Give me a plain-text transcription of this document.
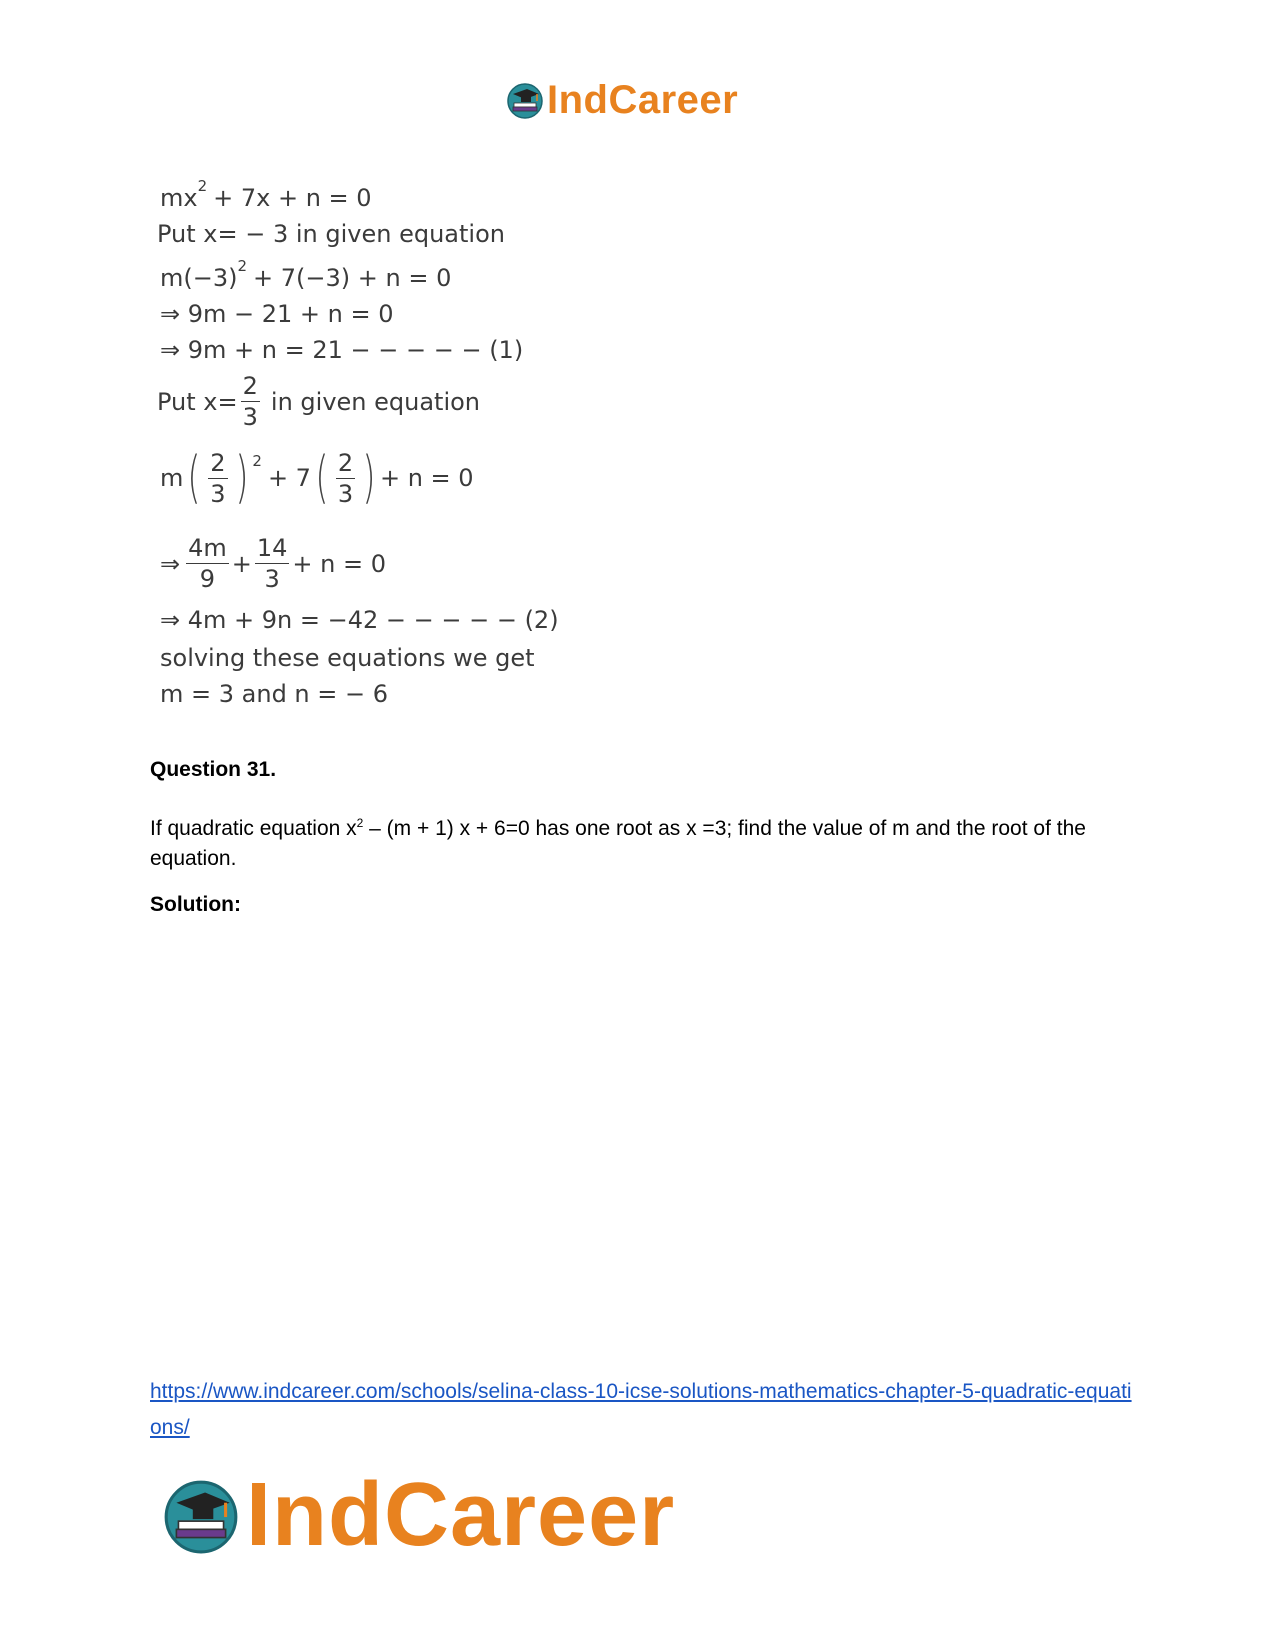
IndCareer
mx 2 + 7x + n = 0
Put x= − 3 in given equation
m(−3) 2 + 7(−3) + n = 0
⇒ 9m − 21 + n = 0
⇒ 9m + n = 21 − − − − − (1)
Put $x= \frac{2}{3}$ in given equation
m ( $\frac{2}{3}$ ) 2
+ 7 ( $\frac{2}{3}$ ) + n = 0
⇒ $\frac{4m}{9} + \frac{14}{3} + n = 0$
⇒ 4m + 9n = −42 − − − − − (2)
solving these equations we get
m = 3 and n = − 6
Question 31.
If quadratic equation $x^2 - (m + 1) x + 6=0$ has one root as x =3; find the value of m and the root of the equation.
Solution:
https://www.indcareer.com/schools/selina-class-10-icse-solutions-mathematics-chapter-5-quadratic-equations/
IndCareer
